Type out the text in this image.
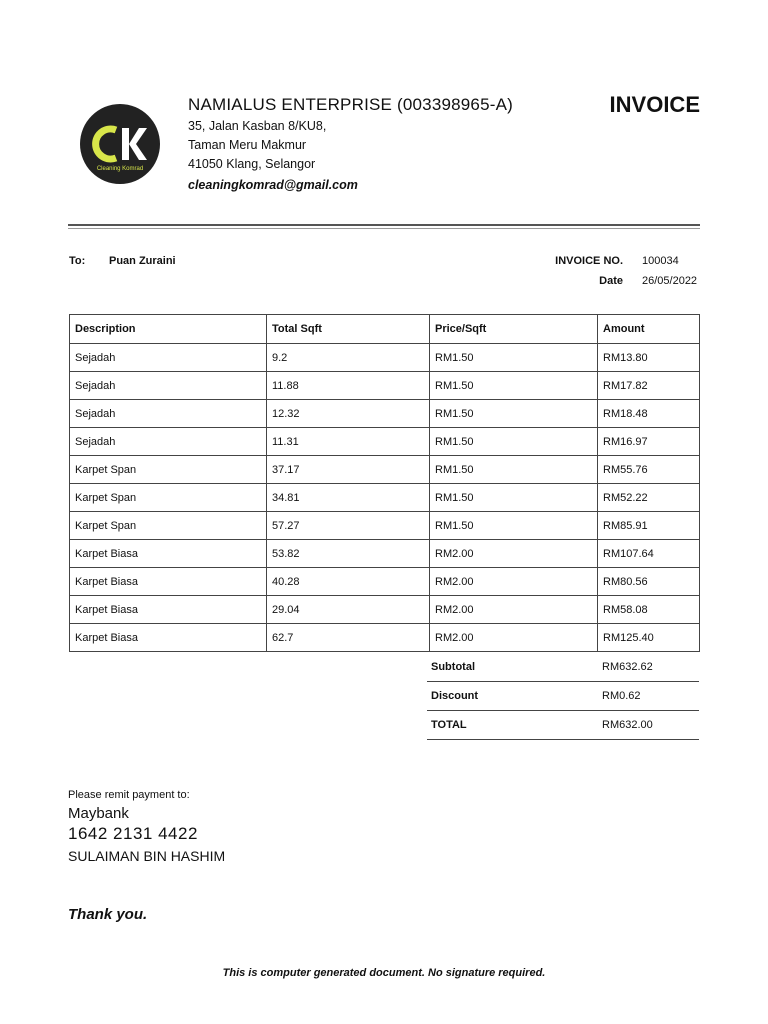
Cleaning Komrad
NAMIALUS ENTERPRISE (003398965-A)
35, Jalan Kasban 8/KU8,
Taman Meru Makmur
41050 Klang, Selangor
cleaningkomrad@gmail.com
INVOICE
To: Puan Zuraini	INVOICE NO. 100034
Date 26/05/2022
Description	Total Sqft	Price/Sqft	Amount
Sejadah	9.2	RM1.50	RM13.80
Sejadah	11.88	RM1.50	RM17.82
Sejadah	12.32	RM1.50	RM18.48
Sejadah	11.31	RM1.50	RM16.97
Karpet Span	37.17	RM1.50	RM55.76
Karpet Span	34.81	RM1.50	RM52.22
Karpet Span	57.27	RM1.50	RM85.91
Karpet Biasa	53.82	RM2.00	RM107.64
Karpet Biasa	40.28	RM2.00	RM80.56
Karpet Biasa	29.04	RM2.00	RM58.08
Karpet Biasa	62.7	RM2.00	RM125.40
Subtotal	RM632.62
Discount	RM0.62
TOTAL	RM632.00
Please remit payment to:
Maybank
1642 2131 4422
SULAIMAN BIN HASHIM
Thank you.
This is computer generated document. No signature required.
